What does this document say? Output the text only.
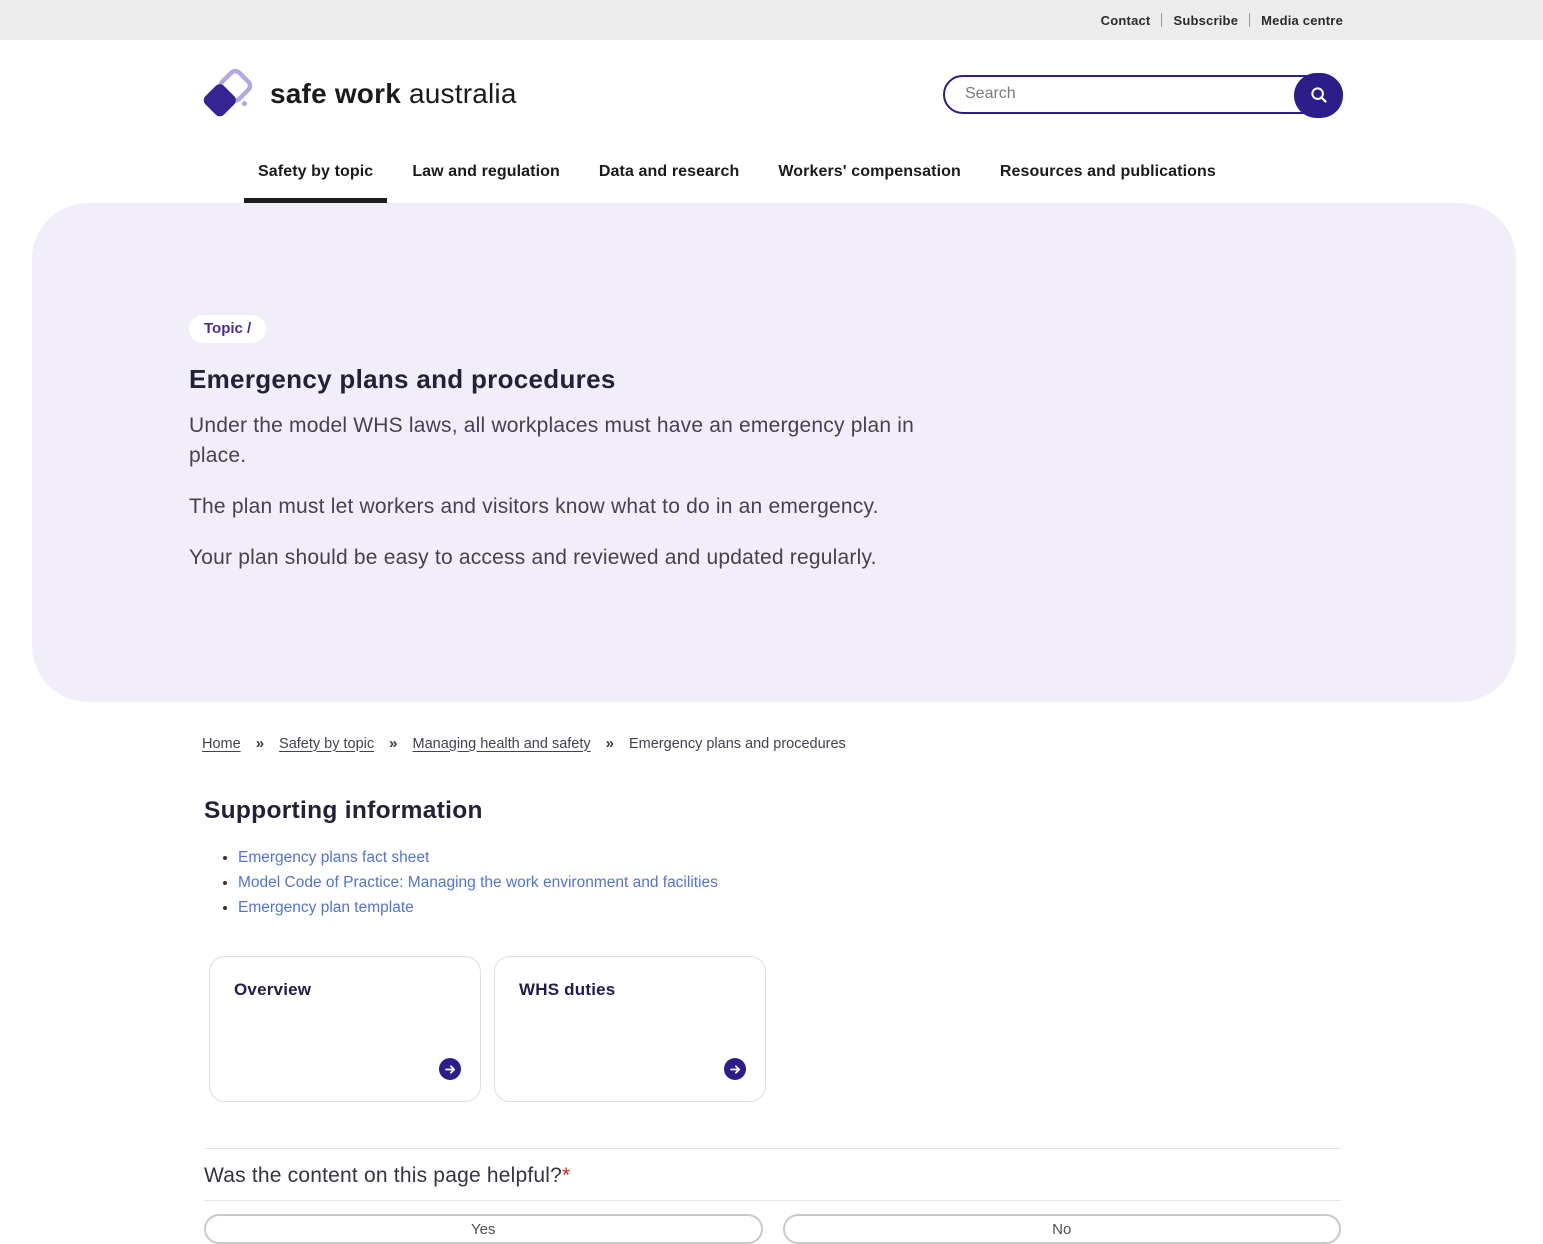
Contact Subscribe Media centre
safe work australia
Search
Safety by topic	Law and regulation	Data and research	Workers' compensation	Resources and publications
Topic /
Emergency plans and procedures

Under the model WHS laws, all workplaces must have an emergency plan in place.

The plan must let workers and visitors know what to do in an emergency.

Your plan should be easy to access and reviewed and updated regularly.

Home » Safety by topic » Managing health and safety » Emergency plans and procedures
Supporting information
• Emergency plans fact sheet
• Model Code of Practice: Managing the work environment and facilities
• Emergency plan template
Overview	WHS duties
Was the content on this page helpful?*
Yes	No
